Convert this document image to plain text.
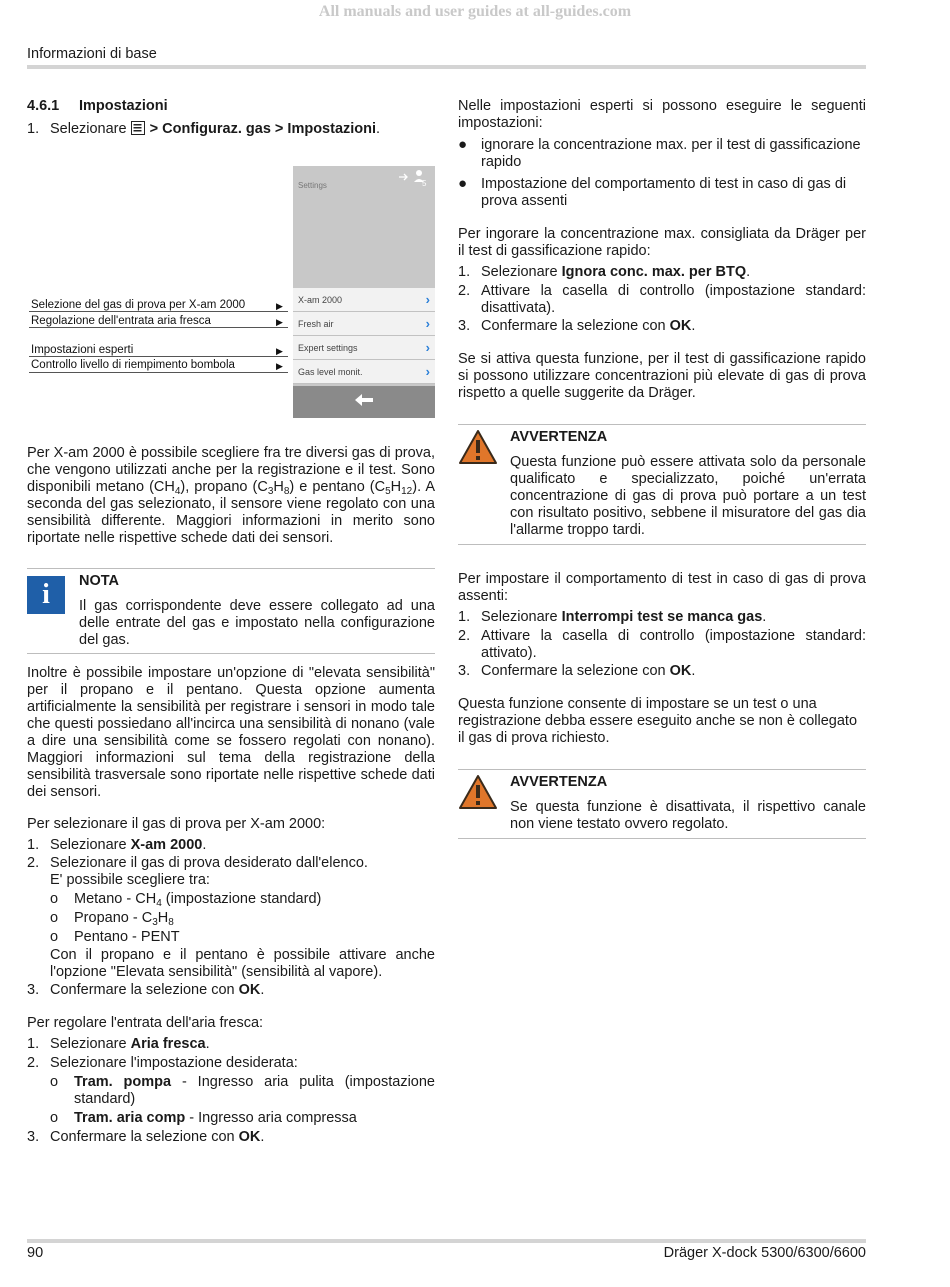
All manuals and user guides at all-guides.com
Informazioni di base
4.6.1 Impostazioni
1. Selezionare
> Configuraz. gas > Impostazioni.
Settings	5
X-am 2000	›
Fresh air	›
Expert settings	›
Gas level monit.	›
Selezione del gas di prova per X-am 2000	▶
Regolazione dell'entrata aria fresca	▶
Impostazioni esperti	▶
Controllo livello di riempimento bombola	▶
Per X-am 2000 è possibile scegliere fra tre diversi gas di prova, che vengono utilizzati anche per la registrazione e il test. Sono disponibili metano $(CH_4)$, propano $(C_3H_8)$ e pentano $(C_5H_{12})$. A seconda del gas selezionato, il sensore viene regolato con una sensibilità differente. Maggiori informazioni in merito sono riportate nelle rispettive schede dati dei sensori.
i	NOTA
Il gas corrispondente deve essere collegato ad una delle entrate del gas e impostato nella configurazione del gas.
Inoltre è possibile impostare un'opzione di "elevata sensibilità" per il propano e il pentano. Questa opzione aumenta artificialmente la sensibilità per registrare i sensori in modo tale che questi possiedano all'incirca una sensibilità di nonano (vale a dire una sensibilità come se fossero regolati con nonano). Maggiori informazioni sul tema della registrazione della sensibilità trasversale sono riportate nelle rispettive schede dati dei sensori.
Per selezionare il gas di prova per X-am 2000:
1. Selezionare X-am 2000.
2. Selezionare il gas di prova desiderato dall'elenco.
E' possibile scegliere tra:
o Metano - $CH_4$ (impostazione standard)
o Propano - $C_3H_8$
o Pentano - PENT
Con il propano e il pentano è possibile attivare anche l'opzione "Elevata sensibilità" (sensibilità al vapore).
3. Confermare la selezione con OK.
Per regolare l'entrata dell'aria fresca:
1. Selezionare Aria fresca.
2. Selezionare l'impostazione desiderata:
o Tram. pompa - Ingresso aria pulita (impostazione standard)
o Tram. aria comp - Ingresso aria compressa
3. Confermare la selezione con OK.
Nelle impostazioni esperti si possono eseguire le seguenti impostazioni:
● ignorare la concentrazione max. per il test di gassificazione rapido
● Impostazione del comportamento di test in caso di gas di prova assenti
Per ingorare la concentrazione max. consigliata da Dräger per il test di gassificazione rapido:
1. Selezionare Ignora conc. max. per BTQ.
2. Attivare la casella di controllo (impostazione standard: disattivata).
3. Confermare la selezione con OK.
Se si attiva questa funzione, per il test di gassificazione rapido si possono utilizzare concentrazioni più elevate di gas di prova rispetto a quelle suggerite da Dräger.
AVVERTENZA
Questa funzione può essere attivata solo da personale qualificato e specializzato, poiché un'errata concentrazione di gas di prova può portare a un test con risultato positivo, sebbene il misuratore del gas dia l'allarme troppo tardi.
Per impostare il comportamento di test in caso di gas di prova assenti:
1. Selezionare Interrompi test se manca gas.
2. Attivare la casella di controllo (impostazione standard: attivato).
3. Confermare la selezione con OK.
Questa funzione consente di impostare se un test o una registrazione debba essere eseguito anche se non è collegato il gas di prova richiesto.
AVVERTENZA
Se questa funzione è disattivata, il rispettivo canale non viene testato ovvero regolato.
90	Dräger X-dock 5300/6300/6600
